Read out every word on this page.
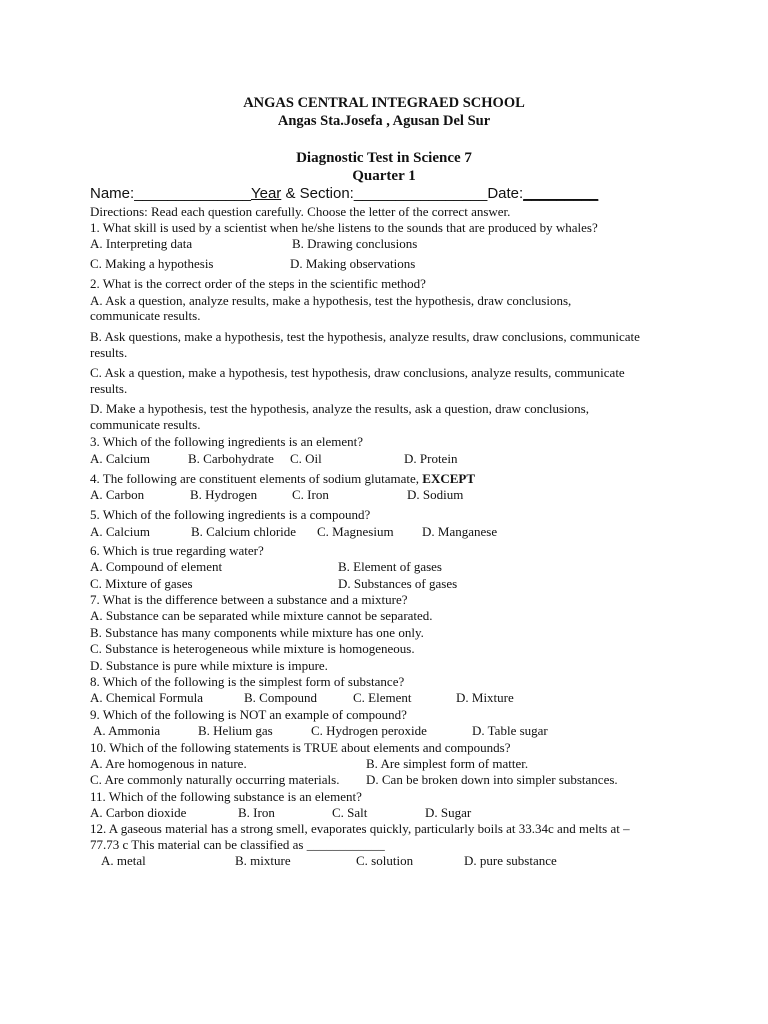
ANGAS CENTRAL INTEGRAED SCHOOL
Angas Sta.Josefa , Agusan Del Sur
Diagnostic Test in Science 7
Quarter 1
Name:______________Year & Section:________________Date:_________
Directions: Read each question carefully. Choose the letter of the correct answer.
1. What skill is used by a scientist when he/she listens to the sounds that are produced by whales?
A. Interpreting data	B. Drawing conclusions
C. Making a hypothesis	D. Making observations
2. What is the correct order of the steps in the scientific method?
A. Ask a question, analyze results, make a hypothesis, test the hypothesis, draw conclusions,
communicate results.
B. Ask questions, make a hypothesis, test the hypothesis, analyze results, draw conclusions, communicate
results.
C. Ask a question, make a hypothesis, test hypothesis, draw conclusions, analyze results, communicate
results.
D. Make a hypothesis, test the hypothesis, analyze the results, ask a question, draw conclusions,
communicate results.
3. Which of the following ingredients is an element?
A. Calcium	B. Carbohydrate C. Oil	D. Protein
4. The following are constituent elements of sodium glutamate, EXCEPT
A. Carbon	B. Hydrogen	C. Iron	D. Sodium
5. Which of the following ingredients is a compound?
A. Calcium	B. Calcium chloride C. Magnesium D. Manganese
6. Which is true regarding water?
A. Compound of element	B. Element of gases
C. Mixture of gases	D. Substances of gases
7. What is the difference between a substance and a mixture?
A. Substance can be separated while mixture cannot be separated.
B. Substance has many components while mixture has one only.
C. Substance is heterogeneous while mixture is homogeneous.
D. Substance is pure while mixture is impure.
8. Which of the following is the simplest form of substance?
A. Chemical Formula	B. Compound	C. Element	D. Mixture
9. Which of the following is NOT an example of compound?
A. Ammonia	B. Helium gas	C. Hydrogen peroxide	D. Table sugar
10. Which of the following statements is TRUE about elements and compounds?
A. Are homogenous in nature.	B. Are simplest form of matter.
C. Are commonly naturally occurring materials. D. Can be broken down into simpler substances.
11. Which of the following substance is an element?
A. Carbon dioxide	B. Iron	C. Salt	D. Sugar
12. A gaseous material has a strong smell, evaporates quickly, particularly boils at 33.34c and melts at –
77.73 c This material can be classified as ____________
A. metal	B. mixture	C. solution	D. pure substance
